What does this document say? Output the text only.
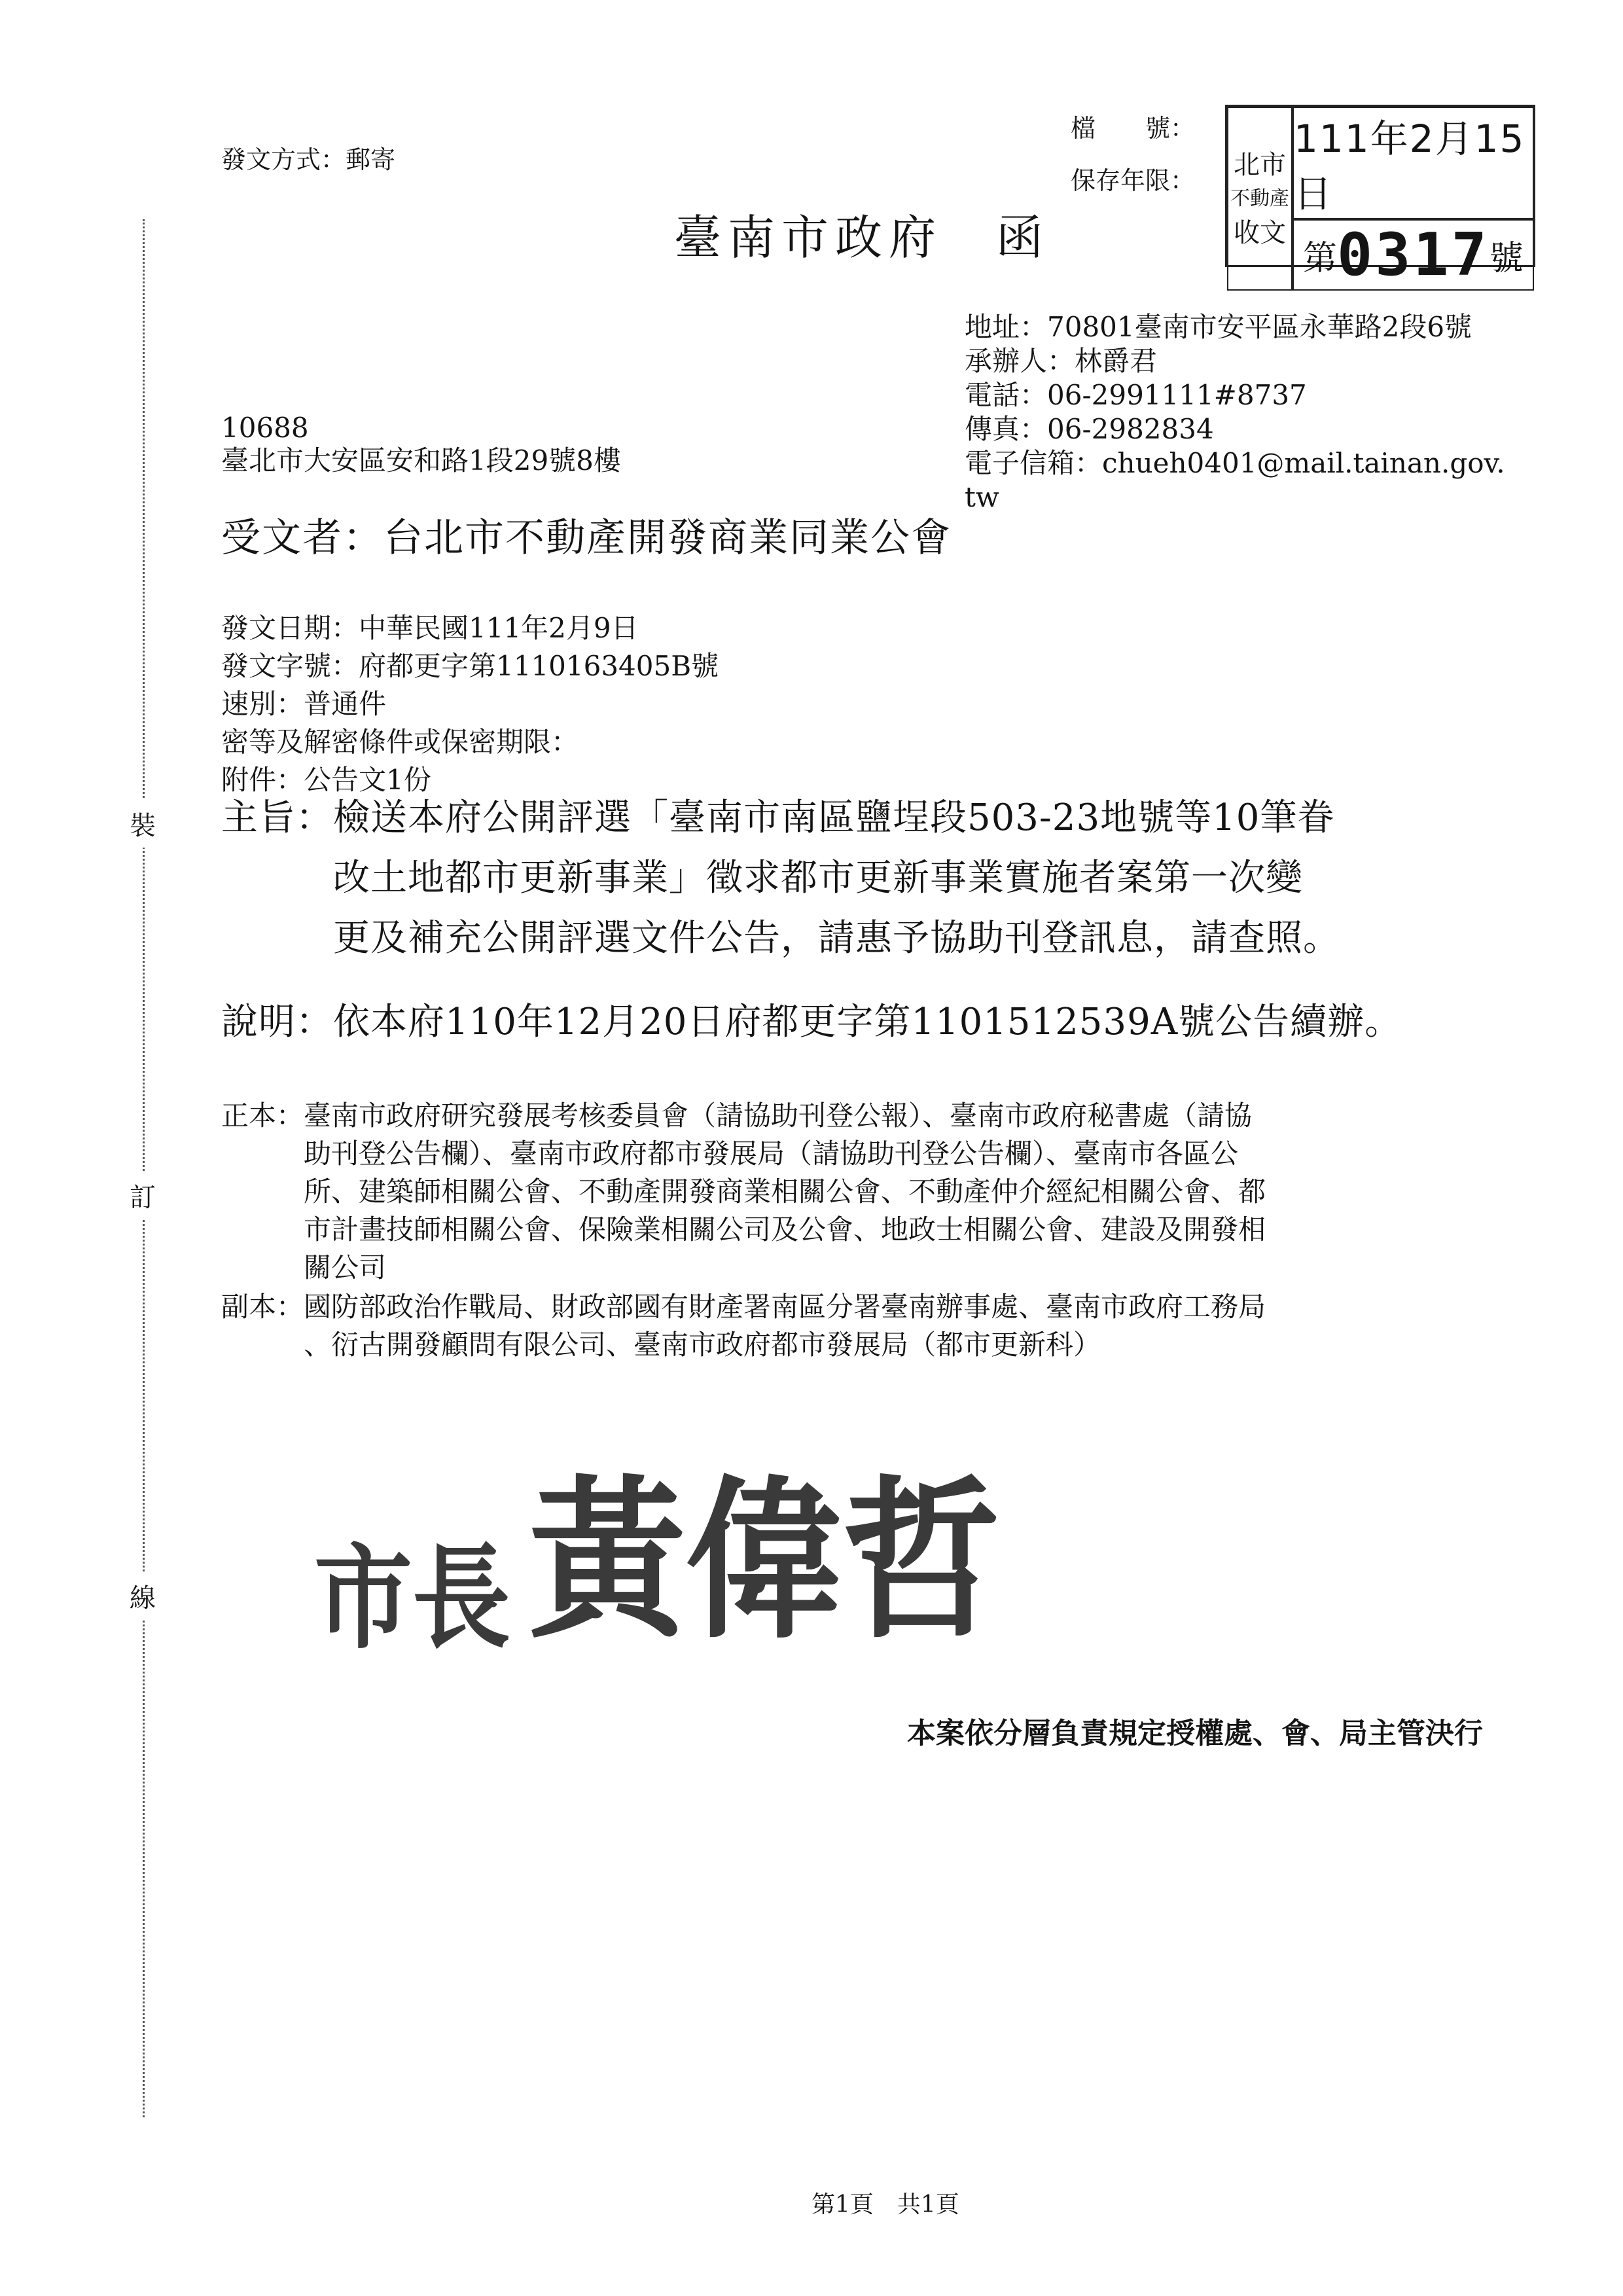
發文方式：郵寄
檔　　號：
保存年限：
臺南市政府　函
北市
不動產
收文
111年2月15日
第 0317 號
地址：70801臺南市安平區永華路2段6號
承辦人：林爵君
電話：06-2991111#8737
傳真：06-2982834
電子信箱：chueh0401@mail.tainan.gov.
tw
10688
臺北市大安區安和路1段29號8樓
受文者：台北市不動產開發商業同業公會
發文日期：中華民國111年2月9日
發文字號：府都更字第1110163405B號
速別：普通件
密等及解密條件或保密期限：
附件：公告文1份
主旨： 檢送本府公開評選「臺南市南區鹽埕段503-23地號等10筆眷
改土地都市更新事業」徵求都市更新事業實施者案第一次變
更及補充公開評選文件公告，請惠予協助刊登訊息，請查照。
說明：依本府110年12月20日府都更字第1101512539A號公告續辦。
正本： 臺南市政府研究發展考核委員會（請協助刊登公報）、臺南市政府秘書處（請協
助刊登公告欄）、臺南市政府都市發展局（請協助刊登公告欄）、臺南市各區公
所、建築師相關公會、不動產開發商業相關公會、不動產仲介經紀相關公會、都
市計畫技師相關公會、保險業相關公司及公會、地政士相關公會、建設及開發相
關公司
副本： 國防部政治作戰局、財政部國有財產署南區分署臺南辦事處、臺南市政府工務局
、衍古開發顧問有限公司、臺南市政府都市發展局（都市更新科）
市長 黃偉哲
本案依分層負責規定授權處、會、局主管決行
裝
訂
線
第1頁　共1頁
